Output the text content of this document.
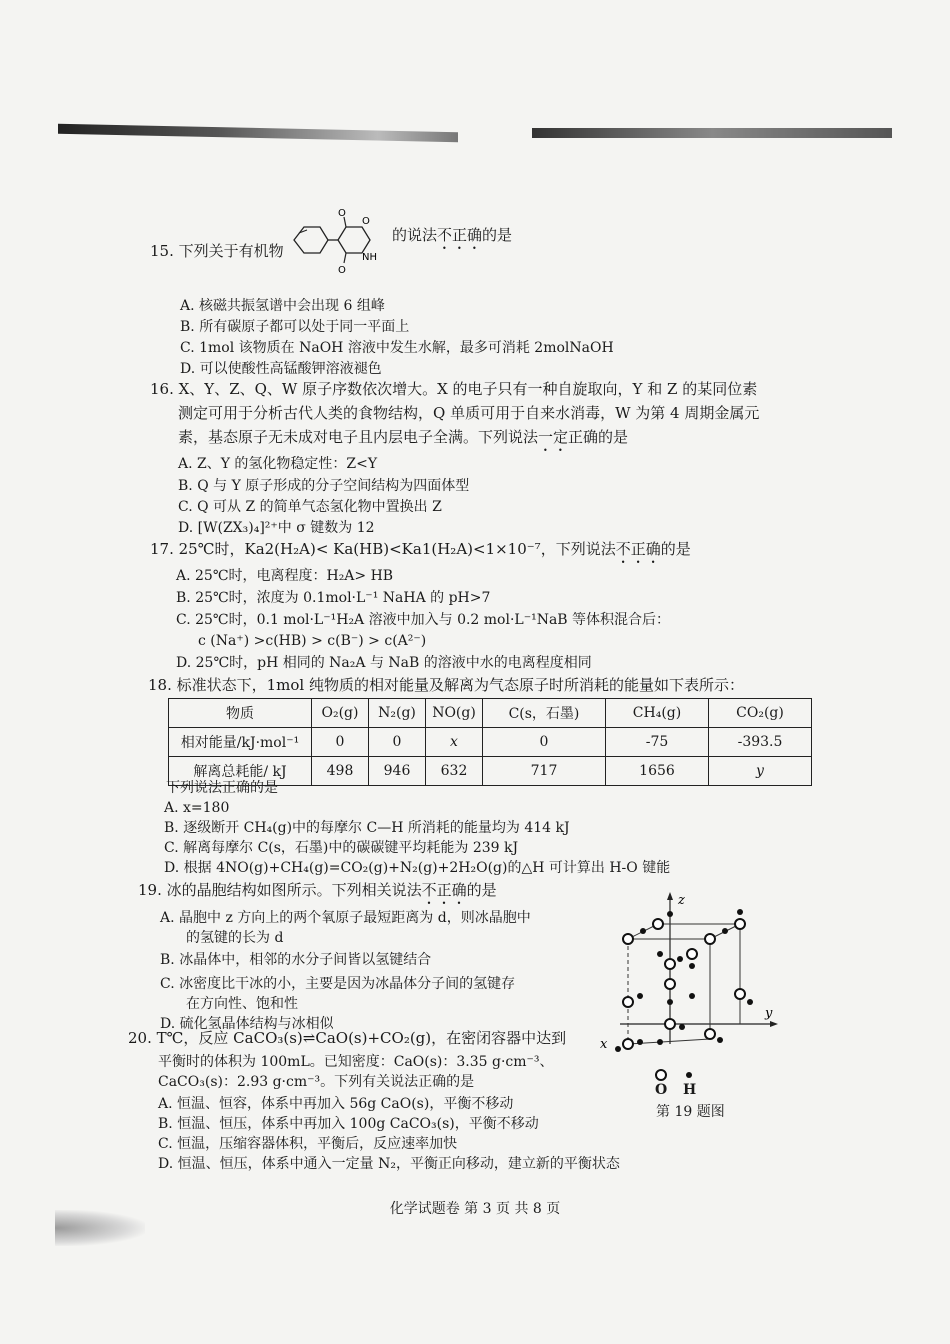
15. 下列关于有机物
O
O
NH
O
的说法不正确的是
A. 核磁共振氢谱中会出现 6 组峰
B. 所有碳原子都可以处于同一平面上
C. 1mol 该物质在 NaOH 溶液中发生水解，最多可消耗 2molNaOH
D. 可以使酸性高锰酸钾溶液褪色
16. X、Y、Z、Q、W 原子序数依次增大。X 的电子只有一种自旋取向，Y 和 Z 的某同位素
测定可用于分析古代人类的食物结构，Q 单质可用于自来水消毒，W 为第 4 周期金属元
素，基态原子无未成对电子且内层电子全满。下列说法一定正确的是
A. Z、Y 的氢化物稳定性：Z<Y
B. Q 与 Y 原子形成的分子空间结构为四面体型
C. Q 可从 Z 的简单气态氢化物中置换出 Z
D. [W(ZX₃)₄]²⁺中 σ 键数为 12
17. 25℃时，Ka2(H₂A)< Ka(HB)<Ka1(H₂A)<1×10⁻⁷，下列说法不正确的是
A. 25℃时，电离程度：H₂A> HB
B. 25℃时，浓度为 0.1mol·L⁻¹ NaHA 的 pH>7
C. 25℃时，0.1 mol·L⁻¹H₂A 溶液中加入与 0.2 mol·L⁻¹NaB 等体积混合后：
c (Na⁺) >c(HB) > c(B⁻) > c(A²⁻)
D. 25℃时，pH 相同的 Na₂A 与 NaB 的溶液中水的电离程度相同
18. 标准状态下，1mol 纯物质的相对能量及解离为气态原子时所消耗的能量如下表所示：
物质	O₂(g)	N₂(g)	NO(g)	C(s，石墨)	CH₄(g)	CO₂(g)
相对能量/kJ·mol⁻¹	0	0	x	0	-75	-393.5
解离总耗能/ kJ	498	946	632	717	1656	y
下列说法正确的是
A. x=180
B. 逐级断开 CH₄(g)中的每摩尔 C—H 所消耗的能量均为 414 kJ
C. 解离每摩尔 C(s，石墨)中的碳碳键平均耗能为 239 kJ
D. 根据 4NO(g)+CH₄(g)=CO₂(g)+N₂(g)+2H₂O(g)的△H 可计算出 H-O 键能
19. 冰的晶胞结构如图所示。下列相关说法不正确的是
A. 晶胞中 z 方向上的两个氧原子最短距离为 d，则冰晶胞中
的氢键的长为 d
B. 冰晶体中，相邻的水分子间皆以氢键结合
C. 冰密度比干冰的小，主要是因为冰晶体分子间的氢键存
在方向性、饱和性
D. 硫化氢晶体结构与冰相似
z
y
x
O H
第 19 题图
20. T℃，反应 CaCO₃(s)⇌CaO(s)+CO₂(g)，在密闭容器中达到
平衡时的体积为 100mL。已知密度：CaO(s)：3.35 g·cm⁻³、
CaCO₃(s)：2.93 g·cm⁻³。下列有关说法正确的是
A. 恒温、恒容，体系中再加入 56g CaO(s)，平衡不移动
B. 恒温、恒压，体系中再加入 100g CaCO₃(s)，平衡不移动
C. 恒温，压缩容器体积，平衡后，反应速率加快
D. 恒温、恒压，体系中通入一定量 N₂，平衡正向移动，建立新的平衡状态
化学试题卷 第 3 页 共 8 页
